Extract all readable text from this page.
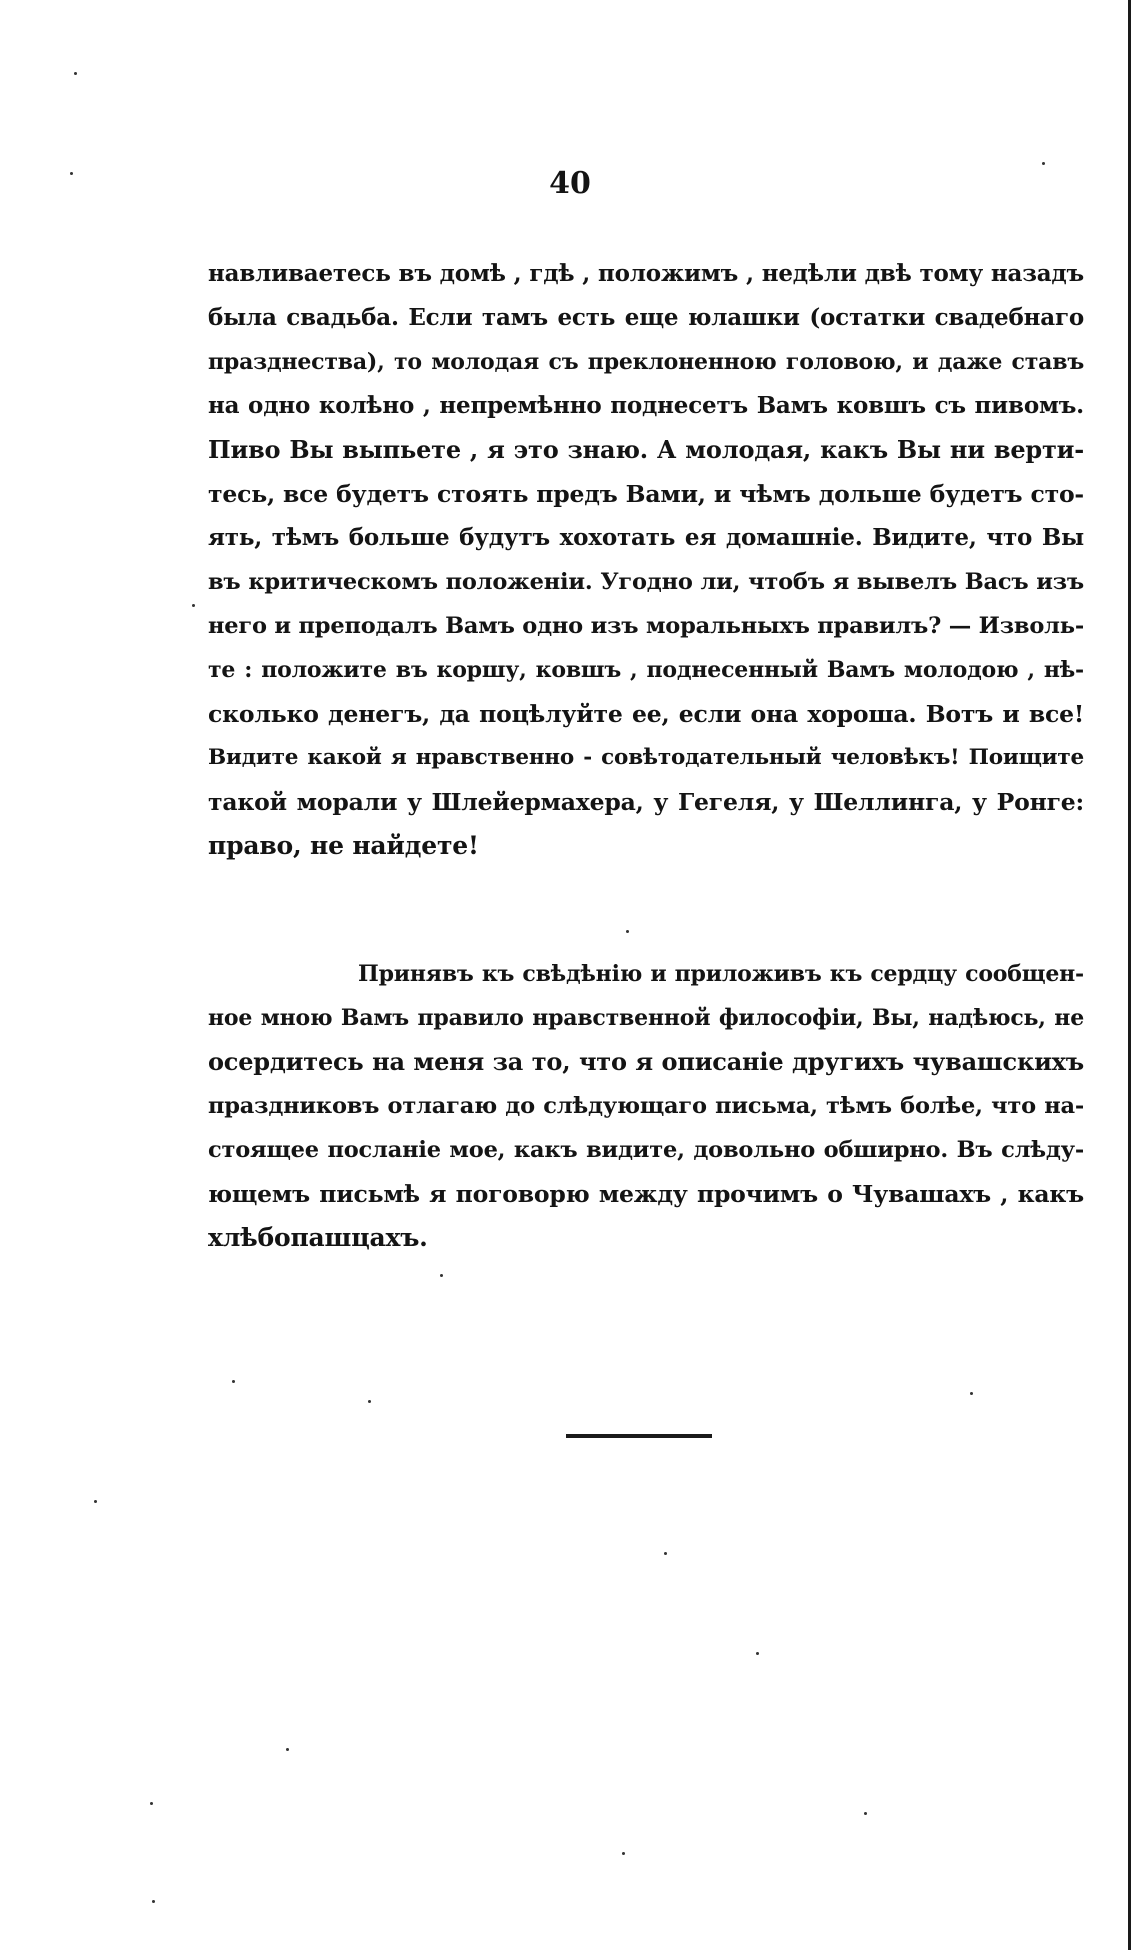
40
навливаетесь въ домѣ , гдѣ , положимъ , недѣли двѣ тому назадъ
была свадьба. Если тамъ есть еще юлашки (остатки свадебнаго
празднества), то молодая съ преклоненною головою, и даже ставъ
на одно колѣно , непремѣнно поднесетъ Вамъ ковшъ съ пивомъ.
Пиво Вы выпьете , я это знаю. А молодая, какъ Вы ни верти-
тесь, все будетъ стоять предъ Вами, и чѣмъ дольше будетъ сто-
ять, тѣмъ больше будутъ хохотать ея домашніе. Видите, что Вы
въ критическомъ положеніи. Угодно ли, чтобъ я вывелъ Васъ изъ
него и преподалъ Вамъ одно изъ моральныхъ правилъ? — Изволь-
те : положите въ коршу, ковшъ , поднесенный Вамъ молодою , нѣ-
сколько денегъ, да поцѣлуйте ее, если она хороша. Вотъ и все!
Видите какой я нравственно - совѣтодательный человѣкъ! Поищите
такой морали у Шлейермахера, у Гегеля, у Шеллинга, у Ронге:
право, не найдете!
Принявъ къ свѣдѣнію и приложивъ къ сердцу сообщен-
ное мною Вамъ правило нравственной философіи, Вы, надѣюсь, не
осердитесь на меня за то, что я описаніе другихъ чувашскихъ
праздниковъ отлагаю до слѣдующаго письма, тѣмъ болѣе, что на-
стоящее посланіе мое, какъ видите, довольно обширно. Въ слѣду-
ющемъ письмѣ я поговорю между прочимъ о Чувашахъ , какъ
хлѣбопашцахъ.
